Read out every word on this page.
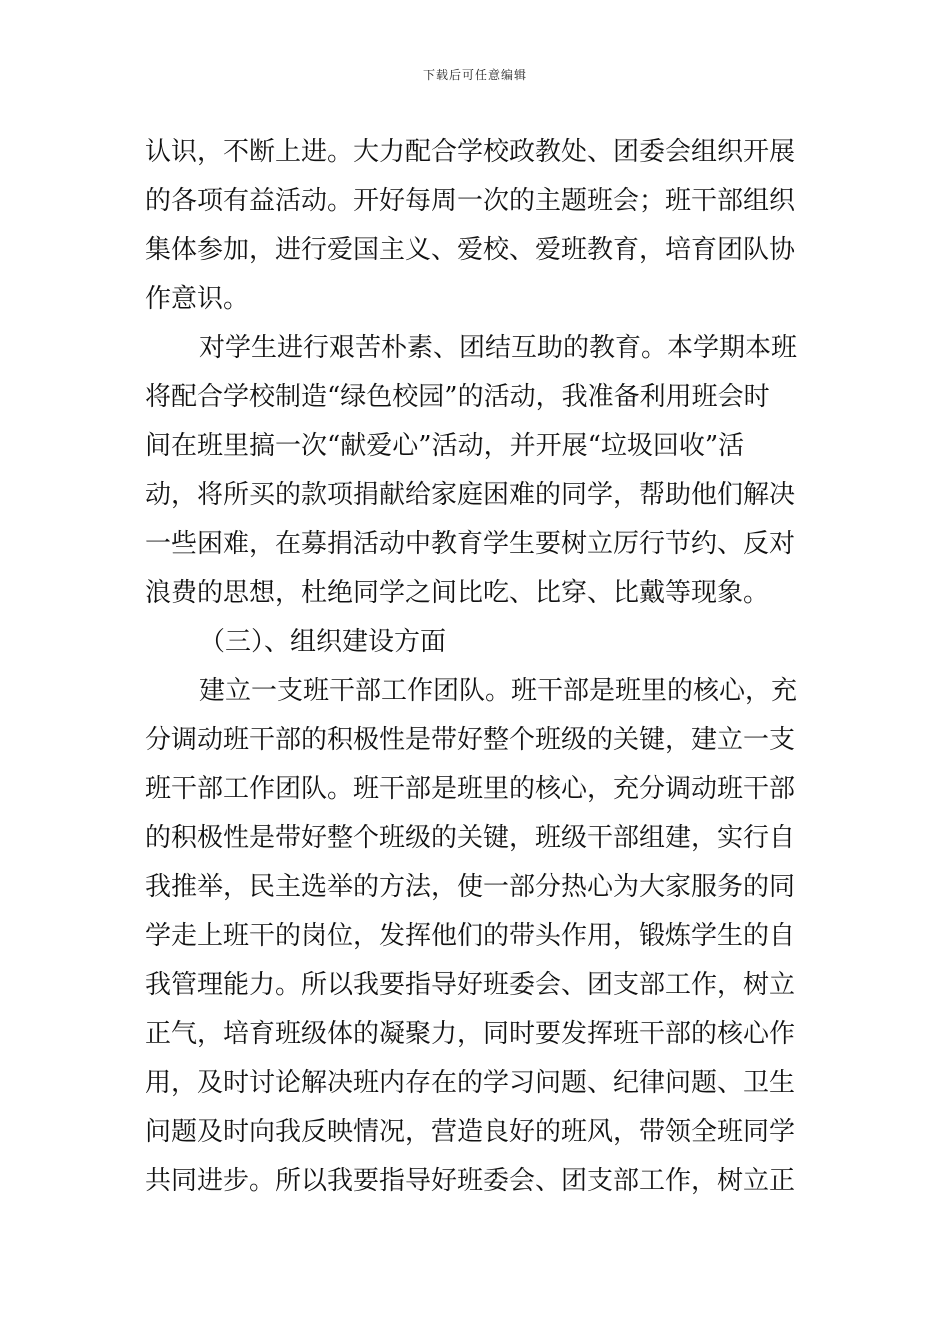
下载后可任意编辑
认识，不断上进。大力配合学校政教处、团委会组织开展
的各项有益活动。开好每周一次的主题班会；班干部组织
集体参加，进行爱国主义、爱校、爱班教育，培育团队协
作意识。
对学生进行艰苦朴素、团结互助的教育。本学期本班
将配合学校制造“绿色校园”的活动，我准备利用班会时
间在班里搞一次“献爱心”活动，并开展“垃圾回收”活
动，将所买的款项捐献给家庭困难的同学，帮助他们解决
一些困难，在募捐活动中教育学生要树立厉行节约、反对
浪费的思想，杜绝同学之间比吃、比穿、比戴等现象。
（三）、组织建设方面
建立一支班干部工作团队。班干部是班里的核心，充
分调动班干部的积极性是带好整个班级的关键，建立一支
班干部工作团队。班干部是班里的核心，充分调动班干部
的积极性是带好整个班级的关键，班级干部组建，实行自
我推举，民主选举的方法，使一部分热心为大家服务的同
学走上班干的岗位，发挥他们的带头作用，锻炼学生的自
我管理能力。所以我要指导好班委会、团支部工作，树立
正气，培育班级体的凝聚力，同时要发挥班干部的核心作
用，及时讨论解决班内存在的学习问题、纪律问题、卫生
问题及时向我反映情况，营造良好的班风，带领全班同学
共同进步。所以我要指导好班委会、团支部工作，树立正
